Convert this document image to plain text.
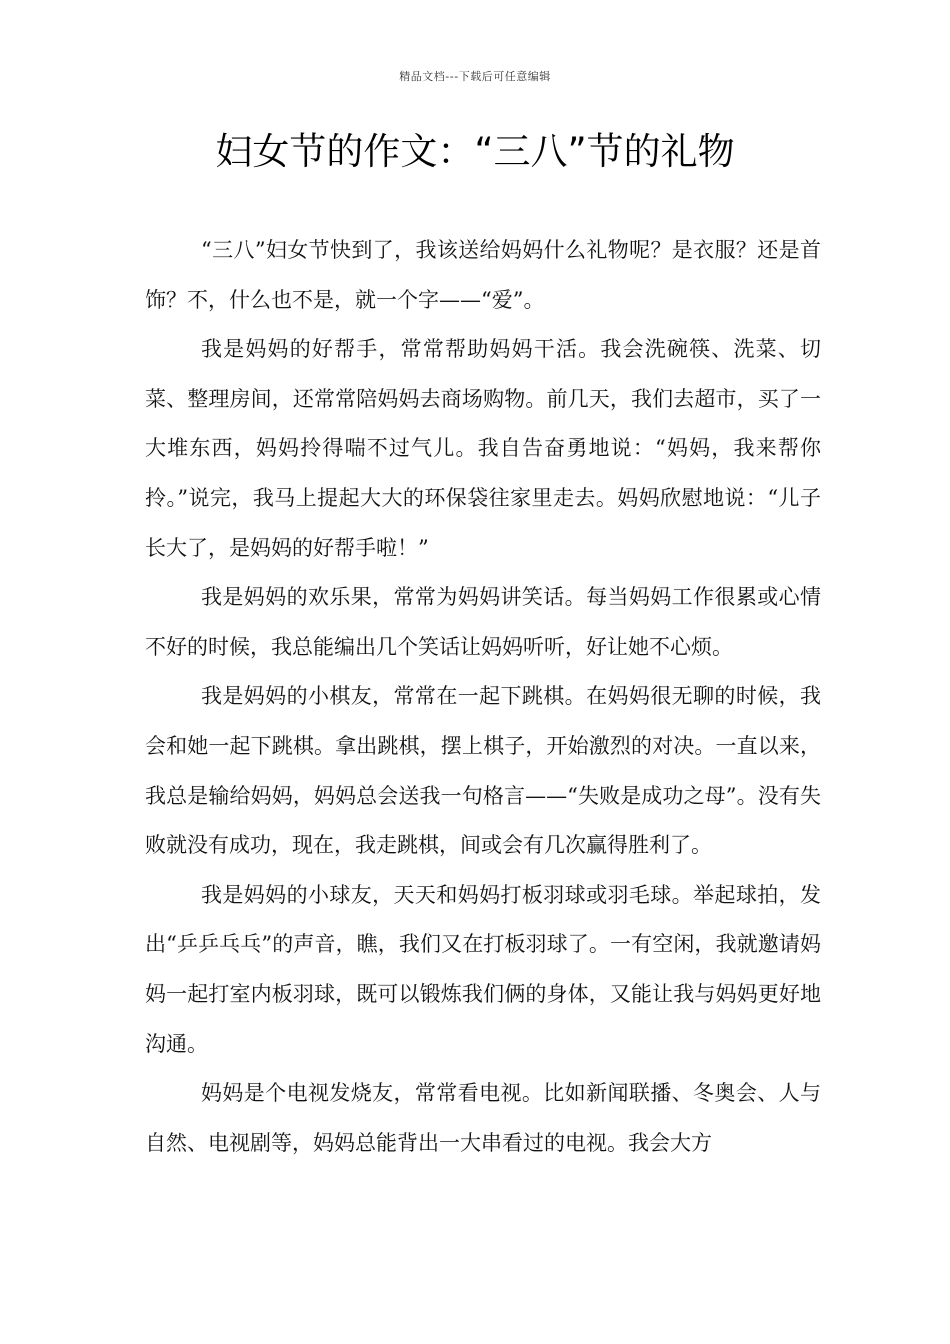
精品文档---下载后可任意编辑
妇女节的作文：“三八”节的礼物

“三八”妇女节快到了，我该送给妈妈什么礼物呢？是衣服？还是首饰？不，什么也不是，就一个字——“爱”。

我是妈妈的好帮手，常常帮助妈妈干活。我会洗碗筷、洗菜、切菜、整理房间，还常常陪妈妈去商场购物。前几天，我们去超市，买了一大堆东西，妈妈拎得喘不过气儿。我自告奋勇地说：“妈妈，我来帮你拎。”说完，我马上提起大大的环保袋往家里走去。妈妈欣慰地说：“儿子长大了，是妈妈的好帮手啦！”

我是妈妈的欢乐果，常常为妈妈讲笑话。每当妈妈工作很累或心情不好的时候，我总能编出几个笑话让妈妈听听，好让她不心烦。

我是妈妈的小棋友，常常在一起下跳棋。在妈妈很无聊的时候，我会和她一起下跳棋。拿出跳棋，摆上棋子，开始激烈的对决。一直以来，我总是输给妈妈，妈妈总会送我一句格言——“失败是成功之母”。没有失败就没有成功，现在，我走跳棋，间或会有几次赢得胜利了。

我是妈妈的小球友，天天和妈妈打板羽球或羽毛球。举起球拍，发出“乒乒乓乓”的声音，瞧，我们又在打板羽球了。一有空闲，我就邀请妈妈一起打室内板羽球，既可以锻炼我们俩的身体，又能让我与妈妈更好地沟通。

妈妈是个电视发烧友，常常看电视。比如新闻联播、冬奥会、人与自然、电视剧等，妈妈总能背出一大串看过的电视。我会大方
